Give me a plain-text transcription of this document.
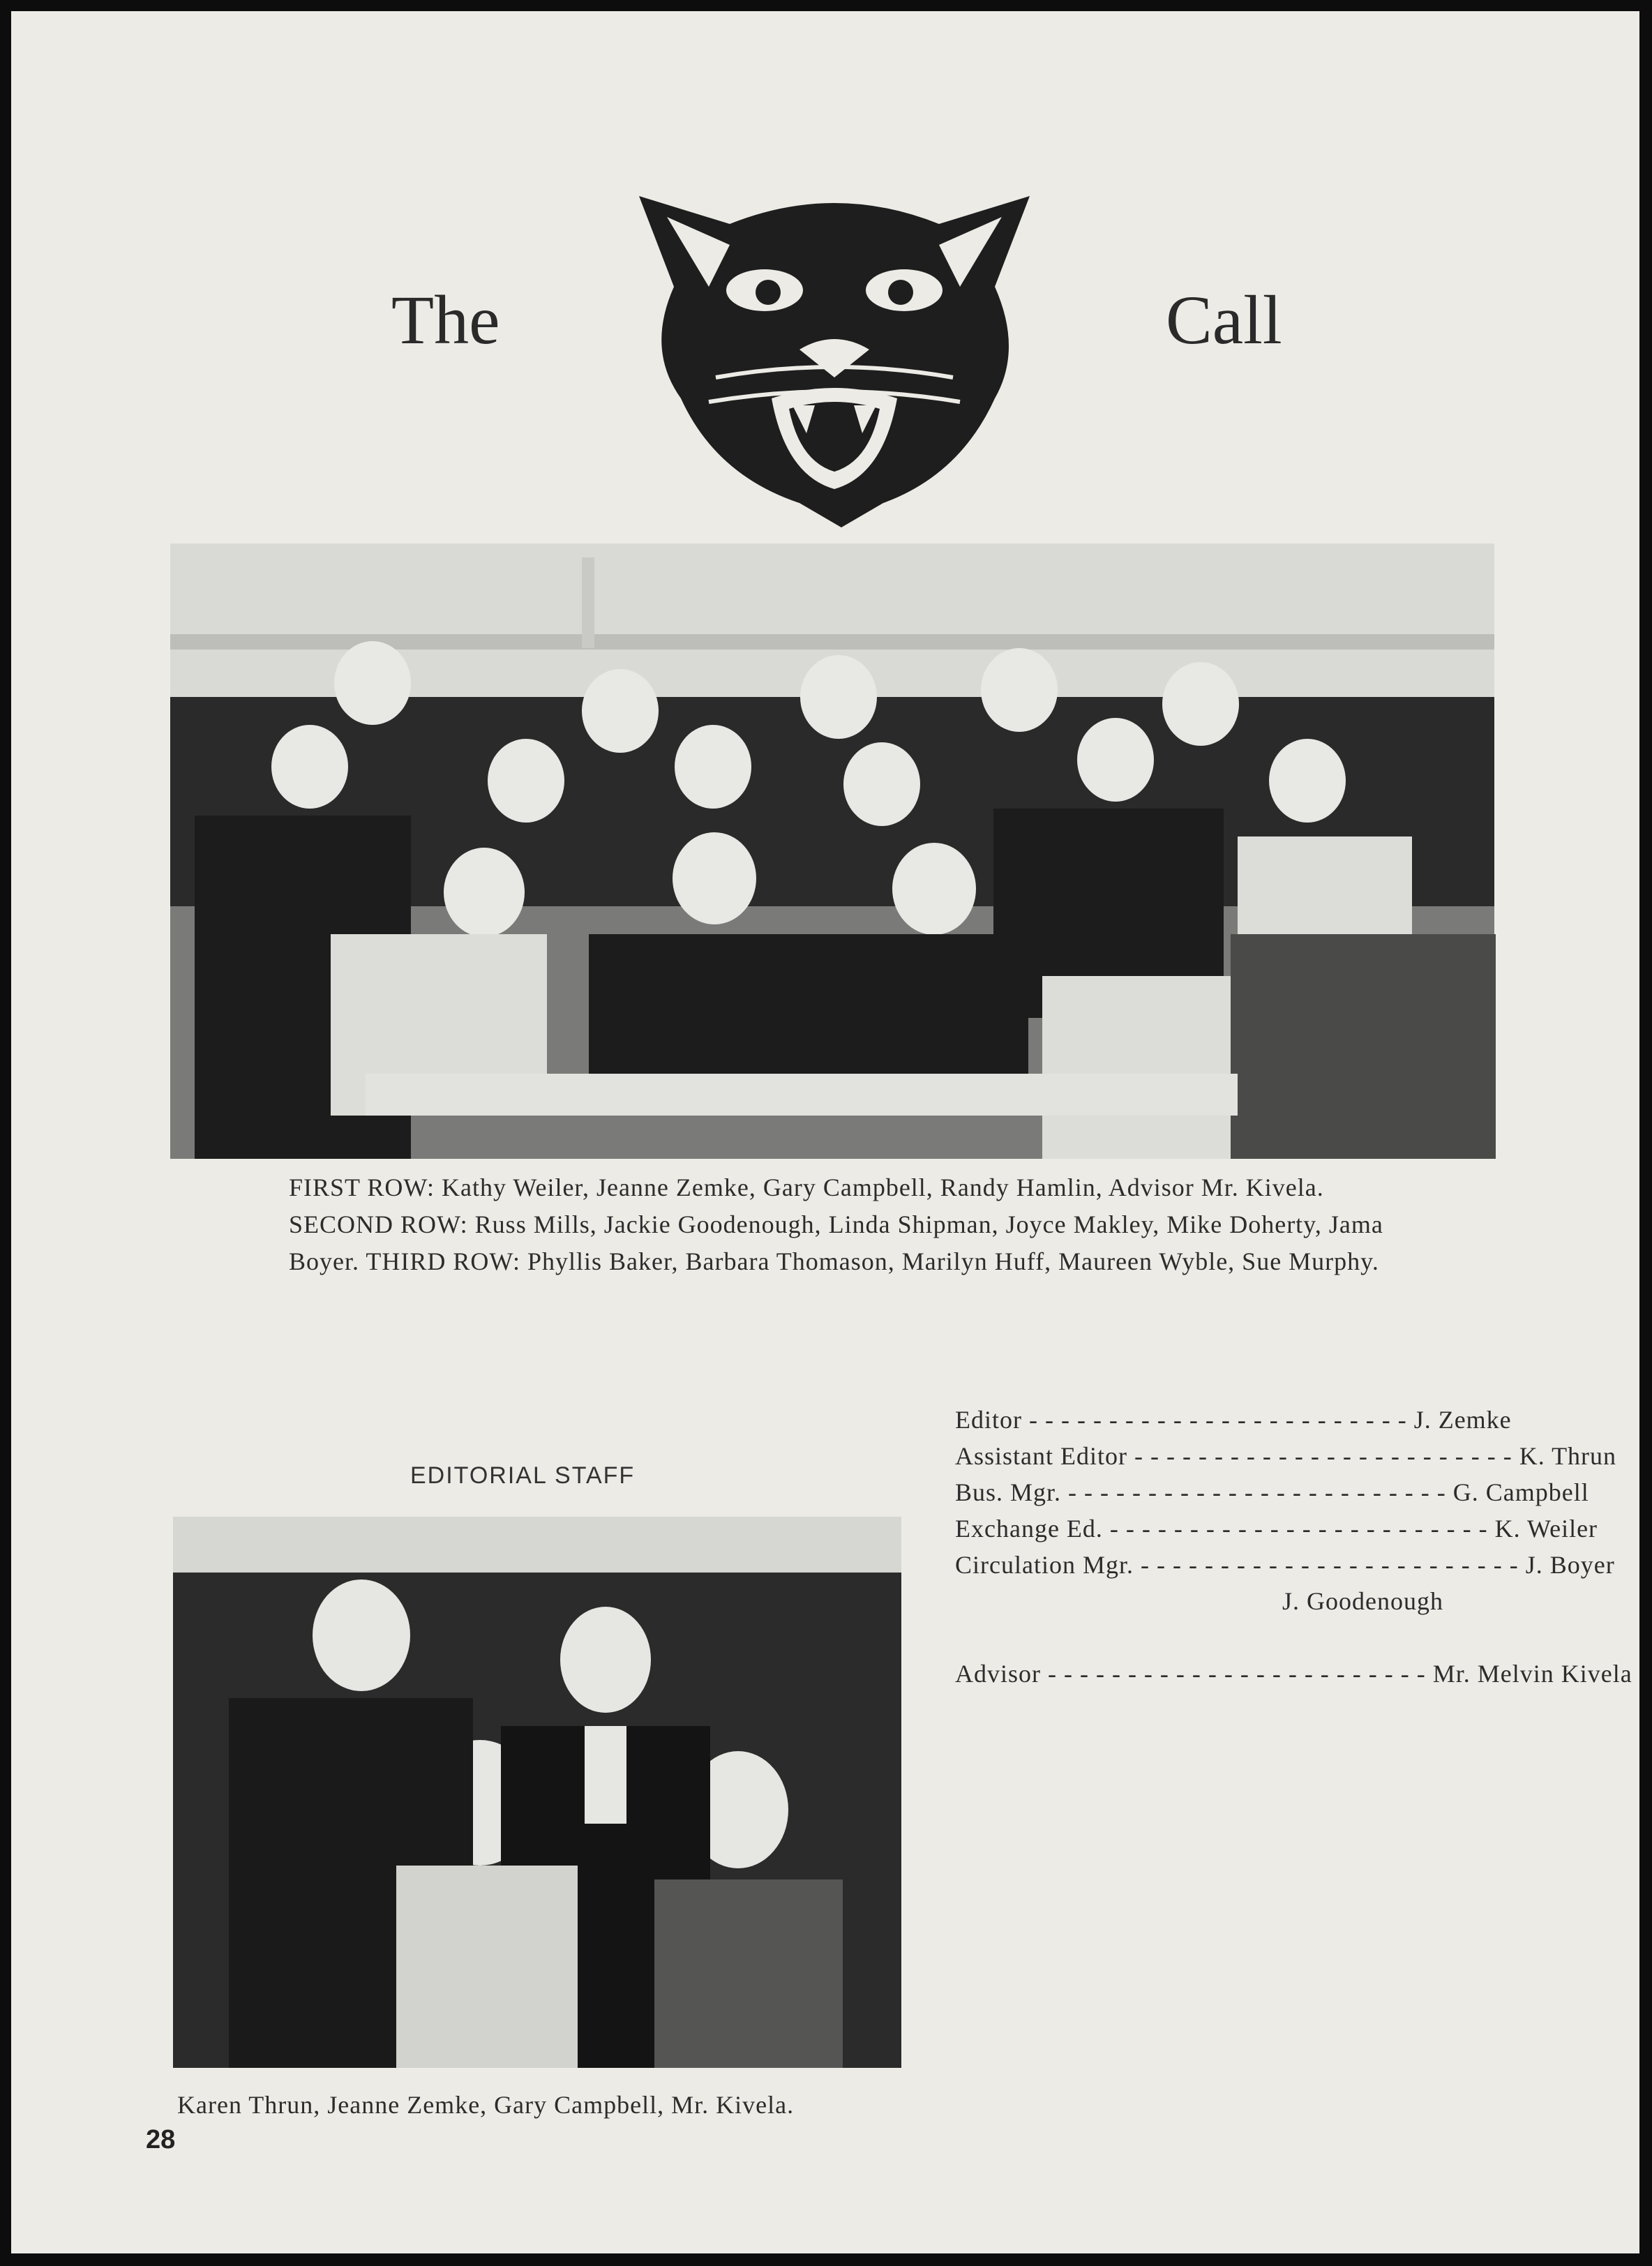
The	Call
FIRST ROW: Kathy Weiler, Jeanne Zemke, Gary Campbell, Randy Hamlin, Advisor Mr. Kivela. SECOND ROW: Russ Mills, Jackie Goodenough, Linda Shipman, Joyce Makley, Mike Doherty, Jama Boyer. THIRD ROW: Phyllis Baker, Barbara Thomason, Marilyn Huff, Maureen Wyble, Sue Murphy.
EDITORIAL STAFF
Editor - - - - - - - - - - - - - - - - - - - - - - - - J. Zemke
Assistant Editor - - - - - - - - - - - - - - - - - - - - - - - - K. Thrun
Bus. Mgr. - - - - - - - - - - - - - - - - - - - - - - - - G. Campbell
Exchange Ed. - - - - - - - - - - - - - - - - - - - - - - - - K. Weiler
Circulation Mgr. - - - - - - - - - - - - - - - - - - - - - - - - J. Boyer
J. Goodenough
Advisor - - - - - - - - - - - - - - - - - - - - - - - - Mr. Melvin Kivela
Karen Thrun, Jeanne Zemke, Gary Campbell, Mr. Kivela.
28
